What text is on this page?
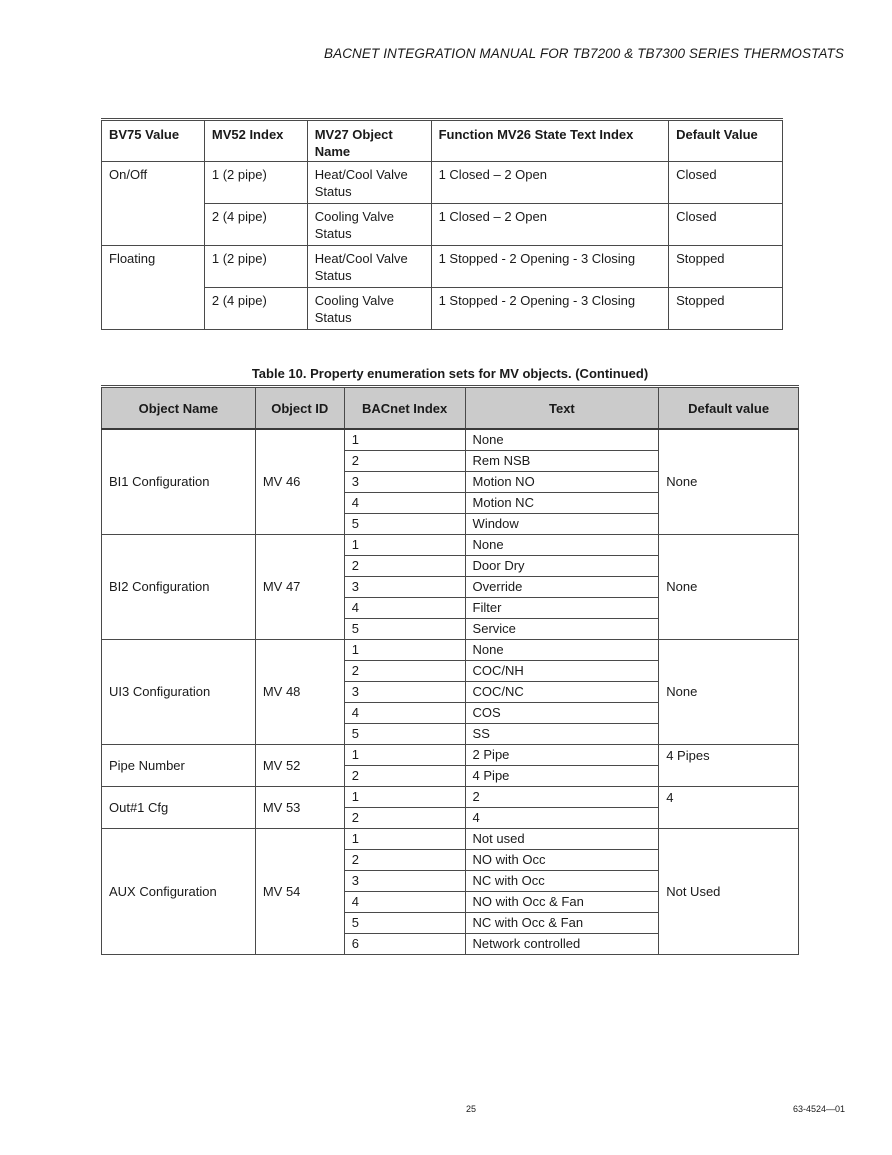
BACNET INTEGRATION MANUAL FOR TB7200 & TB7300 SERIES THERMOSTATS
BV75 Value	MV52 Index	MV27 Object Name	Function MV26 State Text Index	Default Value
On/Off	1 (2 pipe)	Heat/Cool Valve Status	1 Closed – 2 Open	Closed
	2 (4 pipe)	Cooling Valve Status	1 Closed – 2 Open	Closed
Floating	1 (2 pipe)	Heat/Cool Valve Status	1 Stopped - 2 Opening - 3 Closing	Stopped
	2 (4 pipe)	Cooling Valve Status	1 Stopped - 2 Opening - 3 Closing	Stopped
Table 10. Property enumeration sets for MV objects. (Continued)
Object Name	Object ID	BACnet Index	Text	Default value
BI1 Configuration	MV 46	1	None	None
		2	Rem NSB	
		3	Motion NO	
		4	Motion NC	
		5	Window	
BI2 Configuration	MV 47	1	None	None
		2	Door Dry	
		3	Override	
		4	Filter	
		5	Service	
UI3 Configuration	MV 48	1	None	None
		2	COC/NH	
		3	COC/NC	
		4	COS	
		5	SS	
Pipe Number	MV 52	1	2 Pipe	4 Pipes
		2	4 Pipe	
Out#1 Cfg	MV 53	1	2	4
		2	4	
AUX Configuration	MV 54	1	Not used	Not Used
		2	NO with Occ	
		3	NC with Occ	
		4	NO with Occ & Fan	
		5	NC with Occ & Fan	
		6	Network controlled	
25	63-4524—01
